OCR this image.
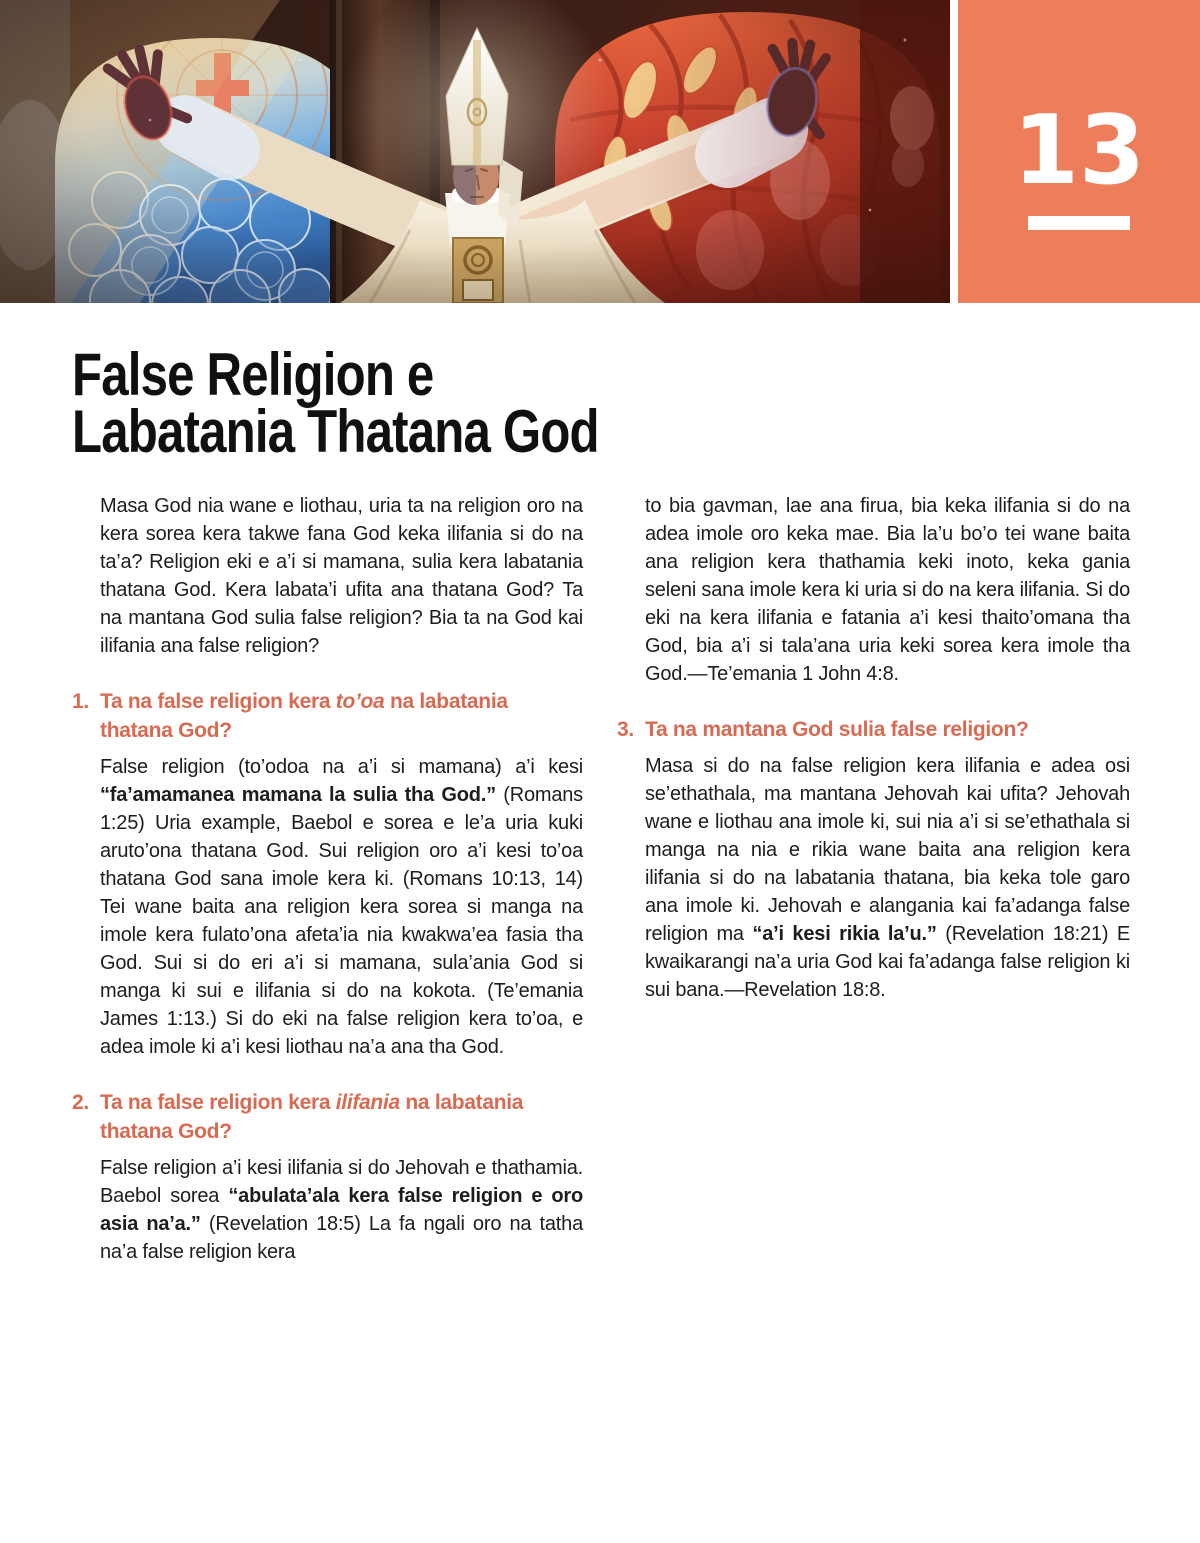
13
False Religion e
Labatania Thatana God

Masa God nia wane e liothau, uria ta na religion oro na kera sorea kera takwe fana God keka ilifania si do na ta’a? Religion eki e a’i si mamana, sulia kera labatania thatana God. Kera labata’i ufita ana thatana God? Ta na mantana God sulia false religion? Bia ta na God kai ilifania ana false religion?

1. Ta na false religion kera to’oa na labatania thatana God?

False religion (to’odoa na a’i si mamana) a’i kesi “fa’amamanea mamana la sulia tha God.” (Romans 1:25) Uria example, Baebol e sorea e le’a uria kuki aruto’ona thatana God. Sui religion oro a’i kesi to’oa thatana God sana imole kera ki. (Romans 10:13, 14) Tei wane baita ana religion kera sorea si manga na imole kera fulato’ona afeta’ia nia kwakwa’ea fasia tha God. Sui si do eri a’i si mamana, sula’ania God si manga ki sui e ilifania si do na kokota. (Te’emania James 1:13.) Si do eki na false religion kera to’oa, e adea imole ki a’i kesi liothau na’a ana tha God.

2. Ta na false religion kera ilifania na labatania thatana God?

False religion a’i kesi ilifania si do Jehovah e thathamia. Baebol sorea “abulata’ala kera false religion e oro asia na’a.” (Revelation 18:5) La fa ngali oro na tatha na’a false religion kera

to bia gavman, lae ana firua, bia keka ilifania si do na adea imole oro keka mae. Bia la’u bo’o tei wane baita ana religion kera thathamia keki inoto, keka gania seleni sana imole kera ki uria si do na kera ilifania. Si do eki na kera ilifania e fatania a’i kesi thaito’omana tha God, bia a’i si tala’ana uria keki sorea kera imole tha God.—Te’emania 1 John 4:8.

3. Ta na mantana God sulia false religion?

Masa si do na false religion kera ilifania e adea osi se’ethathala, ma mantana Jehovah kai ufita? Jehovah wane e liothau ana imole ki, sui nia a’i si se’ethathala si manga na nia e rikia wane baita ana religion kera ilifania si do na labatania thatana, bia keka tole garo ana imole ki. Jehovah e alangania kai fa’adanga false religion ma “a’i kesi rikia la’u.” (Revelation 18:21) E kwaikarangi na’a uria God kai fa’adanga false religion ki sui bana.—Revelation 18:8.
